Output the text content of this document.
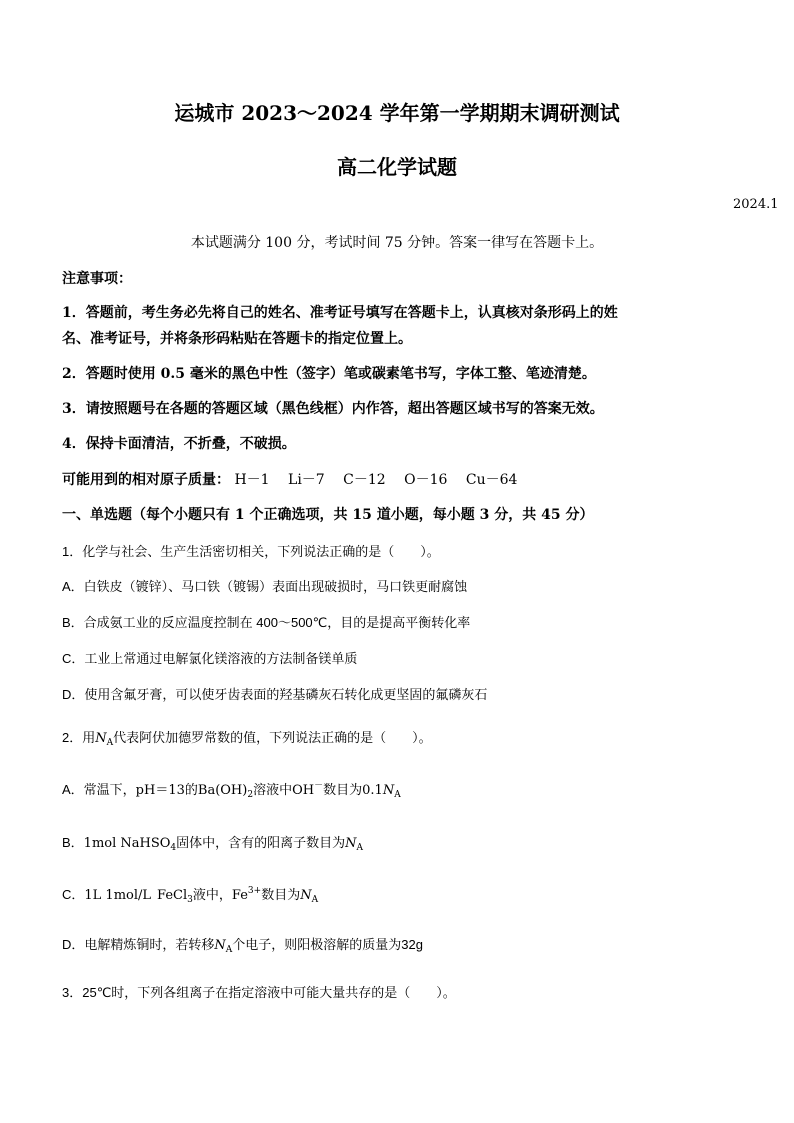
运城市 2023～2024 学年第一学期期末调研测试
高二化学试题
2024.1
本试题满分 100 分，考试时间 75 分钟。答案一律写在答题卡上。
注意事项：
1．答题前，考生务必先将自己的姓名、准考证号填写在答题卡上，认真核对条形码上的姓
名、准考证号，并将条形码粘贴在答题卡的指定位置上。
2．答题时使用 0.5 毫米的黑色中性（签字）笔或碳素笔书写，字体工整、笔迹清楚。
3．请按照题号在各题的答题区域（黑色线框）内作答，超出答题区域书写的答案无效。
4．保持卡面清洁，不折叠，不破损。
可能用到的相对原子质量： H－1 Li－7 C－12 O－16 Cu－64
一、单选题（每个小题只有 1 个正确选项，共 15 道小题，每小题 3 分，共 45 分）
1．化学与社会、生产生活密切相关，下列说法正确的是（　　）。
A．白铁皮（镀锌）、马口铁（镀锡）表面出现破损时，马口铁更耐腐蚀
B．合成氨工业的反应温度控制在 400～500℃，目的是提高平衡转化率
C．工业上常通过电解氯化镁溶液的方法制备镁单质
D．使用含氟牙膏，可以使牙齿表面的羟基磷灰石转化成更坚固的氟磷灰石
2．用$N_A$代表阿伏加德罗常数的值，下列说法正确的是（　　）。
A．常温下，pH＝13的$Ba(OH)_2$溶液中OH－数目为$0.1N_A$
B．1mol NaHSO$_4$固体中，含有的阳离子数目为$N_A$
C．1L 1mol/L FeCl$_3$液中，$Fe^{3+}$数目为$N_A$
D．电解精炼铜时，若转移$N_A$个电子，则阳极溶解的质量为32g
3．25℃时，下列各组离子在指定溶液中可能大量共存的是（　　）。
